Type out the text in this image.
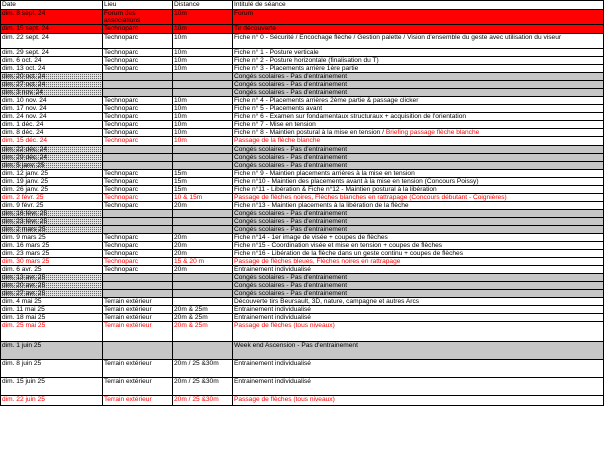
Date	Lieu	Distance	Intitulé de séance
dim. 8 sept. 24	Forum des associations	10m	Forum
dim. 15 sept. 24	Technoparc	10m	Tir découverte
dim. 22 sept. 24	Technoparc	10m	Fiche n° 0 - Sécurité / Encochage flèche / Gestion palette / Vision d'ensemble du geste avec utilisation du viseur
dim. 29 sept. 24	Technoparc	10m	Fiche n° 1 - Posture verticale
dim. 6 oct. 24	Technoparc	10m	Fiche n° 2 - Posture horizontale (finalisation du T)
dim. 13 oct. 24	Technoparc	10m	Fiche n° 3 - Placements arrière 1ère partie
dim. 20 oct. 24			Congés scolaires - Pas d'entrainement
dim. 27 oct. 24			Congés scolaires - Pas d'entrainement
dim. 3 nov. 24			Congés scolaires - Pas d'entrainement
dim. 10 nov. 24	Technoparc	10m	Fiche n° 4 - Placements arrières 2ème partie & passage clicker
dim. 17 nov. 24	Technoparc	10m	Fiche n° 5 - Placements avant
dim. 24 nov. 24	Technoparc	10m	Fiche n° 6 - Examen sur fondamentaux structuraux + acquisition de l'orientation
dim. 1 déc. 24	Technoparc	10m	Fiche n° 7 - Mise en tension
dim. 8 déc. 24	Technoparc	10m	Fiche n° 8 - Maintien postural à la mise en tension / Briefing passage flèche blanche
dim. 15 déc. 24	Technoparc	10m	Passage de la flèche blanche
dim. 22 déc. 24			Congés scolaires - Pas d'entrainement
dim. 29 déc. 24			Congés scolaires - Pas d'entrainement
dim. 5 janv. 25			Congés scolaires - Pas d'entrainement
dim. 12 janv. 25	Technoparc	15m	Fiche n° 9 - Maintien placements arrières à la mise en tension
dim. 19 janv. 25	Technoparc	15m	Fiche n°10 - Maintien des placements avant à la mise en tension (Concours Poissy)
dim. 26 janv. 25	Technoparc	15m	Fiche n°11 - Libération & Fiche n°12 - Maintien postural à la libération
dim. 2 févr. 25	Technoparc	10 & 15m	Passage de flèches noires, Flèches blanches en rattrapage (Concours débutant - Coignières)
dim. 9 févr. 25	Technoparc	20m	Fiche n°13 - Maintien placements à la libération de la flèche
dim. 16 févr. 25			Congés scolaires - Pas d'entrainement
dim. 23 févr. 25			Congés scolaires - Pas d'entrainement
dim. 2 mars 25			Congés scolaires - Pas d'entrainement
dim. 9 mars 25	Technoparc	20m	Fiche n°14 - 1er image de visée + coupes de flèches
dim. 16 mars 25	Technoparc	20m	Fiche n°15 - Coordination visée et mise en tension + coupes de flèches
dim. 23 mars 25	Technoparc	20m	Fiche n°16 - Libération de la flèche dans un geste continu + coupes de flèches
dim. 30 mars 25	Technoparc	15 & 20 m	Passage de flèches bleues, Flèches noires en rattrapage
dim. 6 avr. 25	Technoparc	20m	Entrainement individualisé
dim. 13 avr. 25			Congés scolaires - Pas d'entrainement
dim. 20 avr. 25			Congés scolaires - Pas d'entrainement
dim. 27 avr. 25			Congés scolaires - Pas d'entrainement
dim. 4 mai 25	Terrain extérieur		Découverte tirs Beursault, 3D, nature, campagne et autres Arcs
dim. 11 mai 25	Terrain extérieur	20m & 25m	Entrainement individualisé
dim. 18 mai 25	Terrain extérieur	20m & 25m	Entrainement individualisé
dim. 25 mai 25	Terrain extérieur	20m & 25m	Passage de flèches (tous niveaux)
dim. 1 juin 25			Week end Ascension - Pas d'entrainement
dim. 8 juin 25	Terrain extérieur	20m / 25 &30m	Entrainement individualisé
dim. 15 juin 25	Terrain extérieur	20m / 25 &30m	Entrainement individualisé
dim. 22 juin 25	Terrain extérieur	20m / 25 &30m	Passage de flèches (tous niveaux)
